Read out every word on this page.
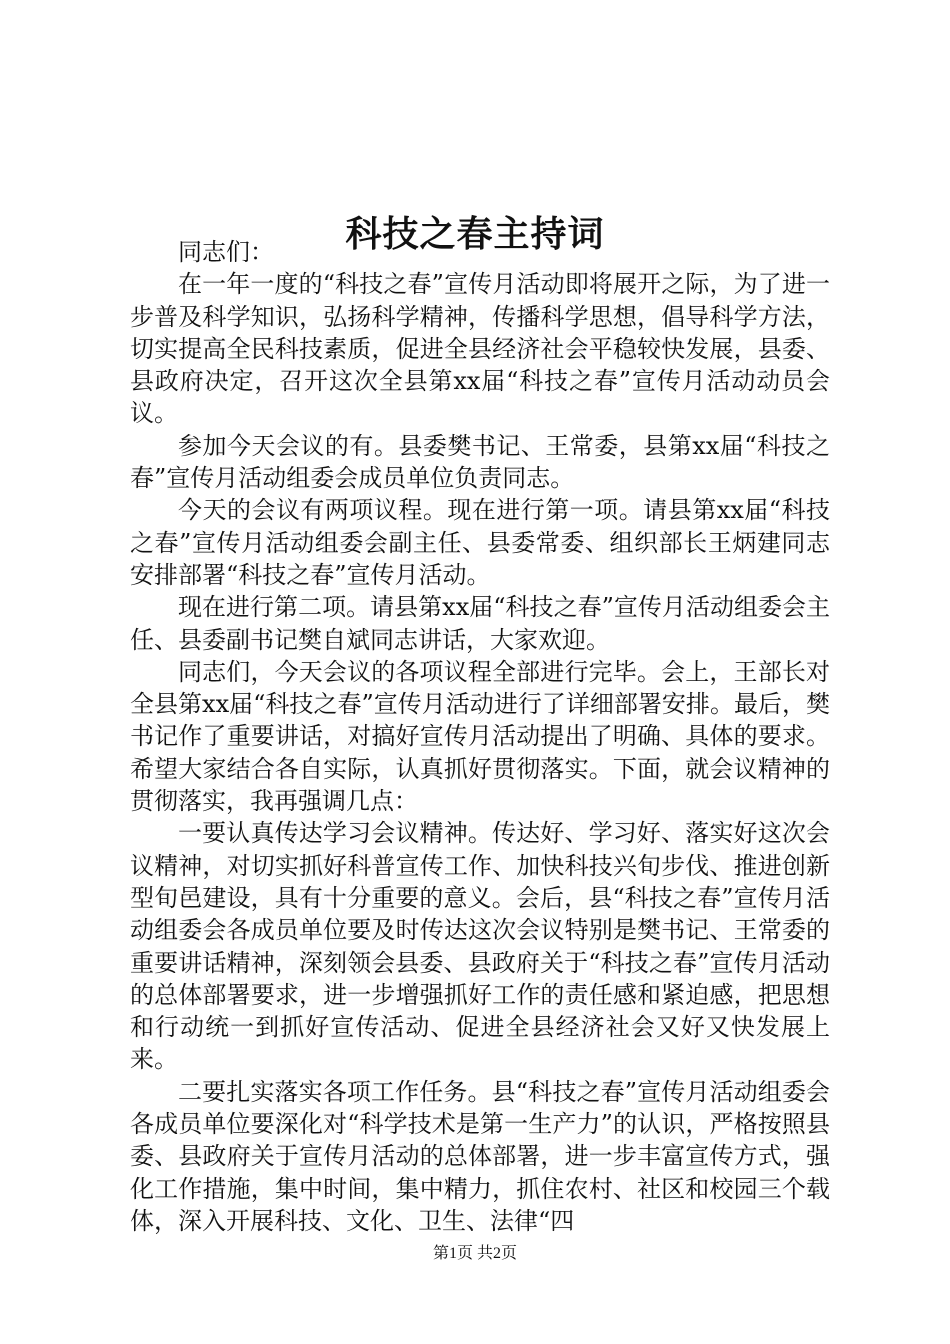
科技之春主持词

同志们：

在一年一度的“科技之春”宣传月活动即将展开之际，为了进一步普及科学知识，弘扬科学精神，传播科学思想，倡导科学方法，切实提高全民科技素质，促进全县经济社会平稳较快发展，县委、县政府决定，召开这次全县第xx届“科技之春”宣传月活动动员会议。

参加今天会议的有。县委樊书记、王常委，县第xx届“科技之春”宣传月活动组委会成员单位负责同志。

今天的会议有两项议程。现在进行第一项。请县第xx届“科技之春”宣传月活动组委会副主任、县委常委、组织部长王炳建同志安排部署“科技之春”宣传月活动。

现在进行第二项。请县第xx届“科技之春”宣传月活动组委会主任、县委副书记樊自斌同志讲话，大家欢迎。

同志们，今天会议的各项议程全部进行完毕。会上，王部长对全县第xx届“科技之春”宣传月活动进行了详细部署安排。最后，樊书记作了重要讲话，对搞好宣传月活动提出了明确、具体的要求。希望大家结合各自实际，认真抓好贯彻落实。下面，就会议精神的贯彻落实，我再强调几点：

一要认真传达学习会议精神。传达好、学习好、落实好这次会议精神，对切实抓好科普宣传工作、加快科技兴旬步伐、推进创新型旬邑建设，具有十分重要的意义。会后，县“科技之春”宣传月活动组委会各成员单位要及时传达这次会议特别是樊书记、王常委的重要讲话精神，深刻领会县委、县政府关于“科技之春”宣传月活动的总体部署要求，进一步增强抓好工作的责任感和紧迫感，把思想和行动统一到抓好宣传活动、促进全县经济社会又好又快发展上来。

二要扎实落实各项工作任务。县“科技之春”宣传月活动组委会各成员单位要深化对“科学技术是第一生产力”的认识，严格按照县委、县政府关于宣传月活动的总体部署，进一步丰富宣传方式，强化工作措施，集中时间，集中精力，抓住农村、社区和校园三个载体，深入开展科技、文化、卫生、法律“四

第1页 共2页
